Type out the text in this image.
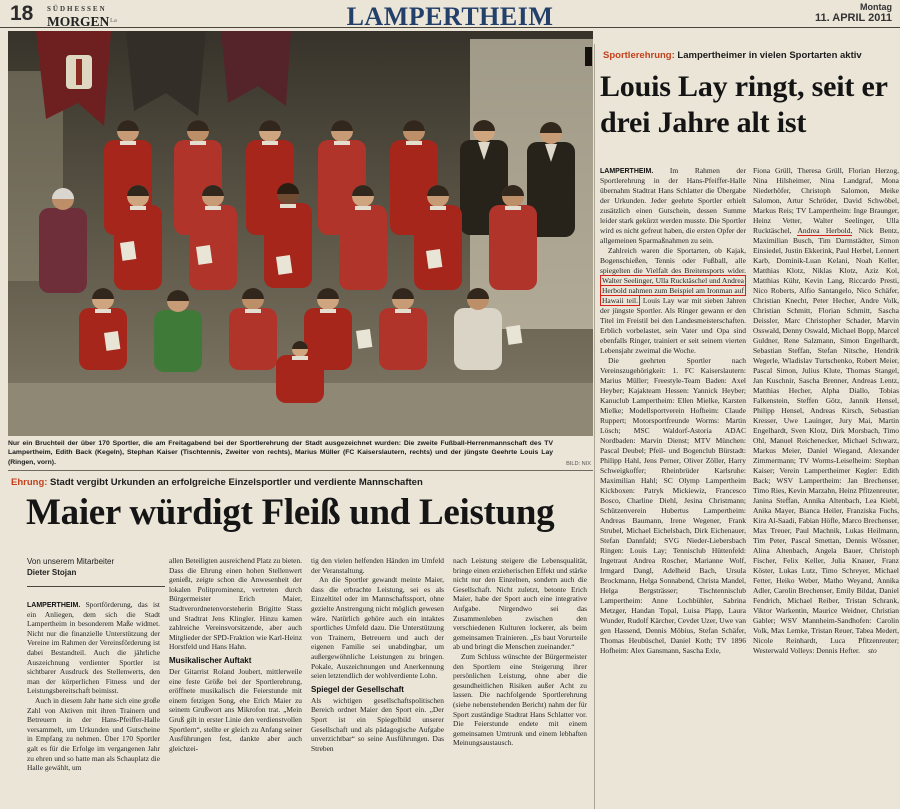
18 SÜDHESSEN
MORGEN La	LAMPERTHEIM	Montag
11. APRIL 2011
Nur ein Bruchteil der über 170 Sportler, die am Freitagabend bei der Sportlerehrung der Stadt ausgezeichnet wurden: Die zweite Fußball-Herrenmannschaft des TV Lampertheim, Edith Back (Kegeln), Stephan Kaiser (Tischtennis, Zweiter von rechts), Marius Müller (FC Kaiserslautern, rechts) und der jüngste Geehrte Louis Lay (Ringen, vorn).	BILD: NIX
Ehrung: Stadt vergibt Urkunden an erfolgreiche Einzelsportler und verdiente Mannschaften
Maier würdigt Fleiß und Leistung
Von unserem Mitarbeiter
Dieter Stojan

LAMPERTHEIM. Sportförderung, das ist ein Anliegen, dem sich die Stadt Lampertheim in besonderem Maße widmet. Nicht nur die finanzielle Unterstützung der Vereine im Rahmen der Vereinsförderung ist dabei Bestandteil. Auch die jährliche Auszeichnung verdienter Sportler ist sichtbarer Ausdruck des Stellenwerts, den man der körperlichen Fitness und der Leistungsbereitschaft beimisst.

Auch in diesem Jahr hatte sich eine große Zahl von Aktiven mit ihren Trainern und Betreuern in der Hans-Pfeiffer-Halle versammelt, um Urkunden und Gutscheine in Empfang zu nehmen. Über 170 Sportler galt es für die Erfolge im vergangenen Jahr zu ehren und so hatte man als Schauplatz die Halle gewählt, um

allen Beteiligten ausreichend Platz zu bieten. Dass die Ehrung einen hohen Stellenwert genießt, zeigte schon die Anwesenheit der lokalen Politprominenz, vertreten durch Bürgermeister Erich Maier, Stadtverordnetenvorsteherin Brigitte Stass und Stadtrat Jens Klingler. Hinzu kamen zahlreiche Vereinsvorsitzende, aber auch Mitglieder der SPD-Fraktion wie Karl-Heinz Horstfeld und Hans Hahn.

Musikalischer Auftakt

Der Gitarrist Roland Joubert, mittlerweile eine feste Größe bei der Sportlerehrung, eröffnete musikalisch die Feierstunde mit einem fetzigen Song, ehe Erich Maier zu seinem Grußwort ans Mikrofon trat. „Mein Gruß gilt in erster Linie den verdienstvollen Sportlern“, stellte er gleich zu Anfang seiner Ausführungen fest, dankte aber auch gleichzei-

tig den vielen helfenden Händen im Umfeld der Veranstaltung.

An die Sportler gewandt meinte Maier, dass die erbrachte Leistung, sei es als Einzeltitel oder im Mannschaftssport, ohne gezielte Anstrengung nicht möglich gewesen wäre. Natürlich gehöre auch ein intaktes sportliches Umfeld dazu. Die Unterstützung von Trainern, Betreuern und auch der eigenen Familie sei unabdingbar, um außergewöhnliche Leistungen zu bringen. Pokale, Auszeichnungen und Anerkennung seien letztendlich der wohlverdiente Lohn.

Spiegel der Gesellschaft

Als wichtigen gesellschaftspolitischen Bereich ordnet Maier den Sport ein. „Der Sport ist ein Spiegelbild unserer Gesellschaft und als pädagogische Aufgabe unverzichtbar“ so seine Ausführungen. Das Streben

nach Leistung steigere die Lebensqualität, bringe einen erzieherischen Effekt und stärke nicht nur den Einzelnen, sondern auch die Gesellschaft. Nicht zuletzt, betonte Erich Maier, habe der Sport auch eine integrative Aufgabe. Nirgendwo sei das Zusammenleben zwischen den verschiedenen Kulturen lockerer, als beim gemeinsamen Trainieren. „Es baut Vorurteile ab und bringt die Menschen zueinander.“

Zum Schluss wünschte der Bürgermeister den Sportlern eine Steigerung ihrer persönlichen Leistung, ohne aber die gesundheitlichen Risiken außer Acht zu lassen. Die nachfolgende Sportlerehrung (siehe nebenstehenden Bericht) nahm der für Sport zuständige Stadtrat Hans Schlatter vor. Die Feierstunde endete mit einem gemeinsamen Umtrunk und einem lebhaften Meinungsaustausch.

Sportlerehrung: Lampertheimer in vielen Sportarten aktiv
Louis Lay ringt, seit er drei Jahre alt ist

LAMPERTHEIM. Im Rahmen der Sportlerehrung in der Hans-Pfeiffer-Halle übernahm Stadtrat Hans Schlatter die Übergabe der Urkunden. Jeder geehrte Sportler erhielt zusätzlich einen Gutschein, dessen Summe leider stark gekürzt werden musste. Die Sportler wird es nicht gefreut haben, die ersten Opfer der allgemeinen Sparmaßnahmen zu sein.

Zahlreich waren die Sportarten, ob Kajak, Bogenschießen, Tennis oder Fußball, alle spiegelten die Vielfalt des Breitensports wider. Walter Seelinger, Ulla Rucktäschel und Andrea Herbold nahmen zum Beispiel am Ironman auf Hawaii teil. Louis Lay war mit sieben Jahren der jüngste Sportler. Als Ringer gewann er den Titel im Freistil bei den Landesmeisterschaften. Erblich vorbelastet, sein Vater und Opa sind ebenfalls Ringer, trainiert er seit seinem vierten Lebensjahr zweimal die Woche.

Die geehrten Sportler nach Vereinszugehörigkeit: 1. FC Kaiserslautern: Marius Müller; Freestyle-Team Baden: Axel Heyber; Kajakteam Hessen: Yannick Heyber; Kanuclub Lampertheim: Ellen Mielke, Karsten Mielke; Modellsportverein Hofheim: Claude Ruppert; Motorsportfreunde Worms: Martin Lösch; MSC Waldorf-Astoria ADAC Nordbaden: Marvin Dienst; MTV München: Pascal Deubel; Pfeil- und Bogenclub Bürstadt: Philipp Hahl, Jens Perner, Oliver Zöller, Harry Schweigkoffer; Rheinbrüder Karlsruhe: Maximilian Hahl; SC Olymp Lampertheim Kickboxen: Patryk Mickiewiz, Francesco Bosco, Charline Diehl, Jesina Christmann; Schützenverein Hubertus Lampertheim: Andreas Baumann, Irene Wegener, Frank Strubel, Michael Eichelsbach, Dirk Eichenauer, Stefan Dannfald; SVG Nieder-Liebersbach Ringen: Louis Lay; Tennisclub Hüttenfeld: Ingetraut Andrea Roscher, Marianne Wolf, Irmgard Dangl, Adelheid Bach, Ursula Brockmann, Helga Sonnabend, Christa Mandel, Helga Bergsträsser; Tischtennisclub Lampertheim: Anne Lochbühler, Sabrina Metzger, Handan Topal, Luisa Plapp, Laura Wunder, Rudolf Kärcher, Cevdet Uzer, Uwe van gen Hassend, Dennis Möbius, Stefan Schäfer, Thomas Heubüschel, Daniel Koth; TV 1896 Hofheim: Alex Gansmann, Sascha Exle,

Fiona Grüll, Theresa Grüll, Florian Herzog, Nina Hilsheimer, Nina Landgraf, Mona Niederhöfer, Christoph Salomon, Meike Salomon, Artur Schröder, David Schwöbel, Markus Reis; TV Lampertheim: Inge Braunger, Heinz Vetter, Walter Seelinger, Ulla Rucktäschel, Andrea Herbold, Nick Bentz, Maximilian Busch, Tim Darmstädter, Simon Einsiedel, Justin Ekkerink, Paul Herbel, Lennert Karb, Dominik-Luan Kelani, Noah Keller, Matthias Klotz, Niklas Klotz, Aziz Kol, Matthias Kühr, Kevin Lang, Riccardo Presti, Nico Roberts, Alfio Santangelo, Nico Schäfer, Christian Knecht, Peter Hecher, Andre Volk, Christian Schmitt, Florian Schmitt, Sascha Deissler, Marc Christopher Schader, Marvin Osswald, Denny Oswald, Michael Bopp, Marcel Guldner, Rene Salzmann, Simon Engelhardt, Sebastian Steffan, Stefan Nitsche, Hendrik Wegerle, Wladislav Turtschenko, Robert Meier, Pascal Simon, Julius Klute, Thomas Stangel, Jan Kuschnir, Sascha Brenner, Andreas Lentz, Matthias Hecher, Alpha Diallo, Tobias Falkenstein, Steffen Götz, Jannik Hensel, Philipp Hensel, Andreas Kirsch, Sebastian Kresser, Uwe Lauinger, Jury Mai, Martin Engelhardt, Sven Klotz, Dirk Morsbach, Timo Ohl, Manuel Reichenecker, Michael Schwarz, Markus Meier, Daniel Wiegand, Alexander Zimmermann; TV Worms-Leiselheim: Stephan Kaiser; Verein Lampertheimer Kegler: Edith Back; WSV Lampertheim: Jan Brechenser, Timo Ries, Kevin Marzahn, Heinz Pfitzenreuter, Janina Steffan, Annika Altenbach, Lea Kiebl, Anika Mayer, Bianca Heiler, Franziska Fuchs, Kira Al-Saadi, Fabian Höfle, Marco Brechenser, Max Treuer, Paul Machnik, Lukas Heilmann, Tim Peter, Pascal Smettan, Dennis Wössner, Alina Altenbach, Angela Bauer, Christoph Fischer, Felix Keller, Julia Knauer, Franz Köster, Lukas Lutz, Timo Schreyer, Michael Fetter, Heiko Weber, Matho Weyand, Annika Adler, Carolin Brechenser, Emily Bildat, Daniel Fendrich, Michael Reiber, Tristan Schrank, Viktor Warkentin, Maurice Weidner, Christian Gabler; WSV Mannheim-Sandhofen: Carolin Volk, Max Lemke, Tristan Reuer, Tabea Medert, Nicole Reinhardt, Luca Pfitzenreuter; Westerwald Volleys: Dennis Hefter. sto
